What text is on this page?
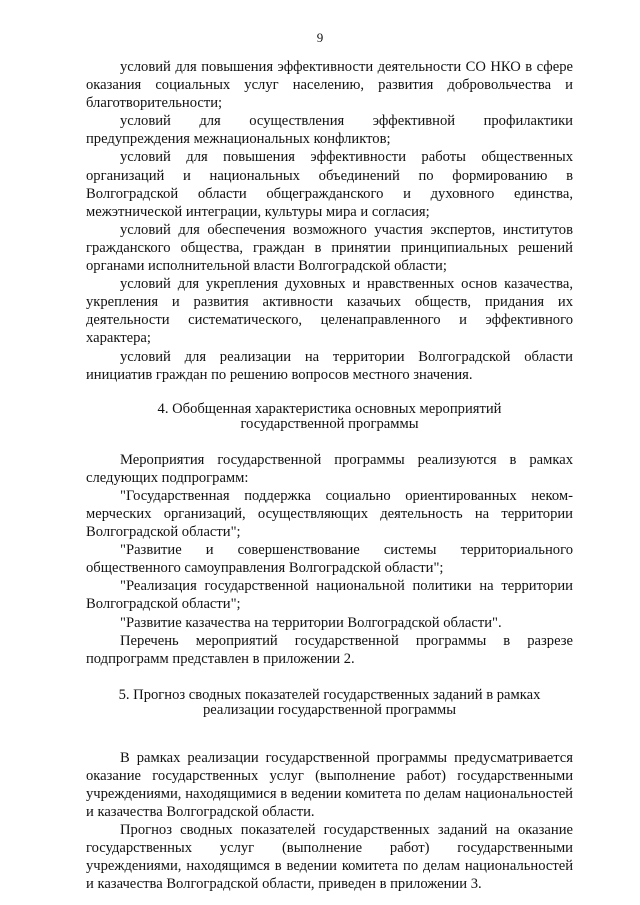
9

условий для повышения эффективности деятельности СО НКО в сфере оказания социальных услуг населению, развития добровольчества и благотворительности;

условий для осуществления эффективной профилактики предупреждения межнациональных конфликтов;

условий для повышения эффективности работы общественных организаций и национальных объединений по формированию в Волгоградской области общегражданского и духовного единства, межэтнической интеграции, культуры мира и согласия;

условий для обеспечения возможного участия экспертов, институтов гражданского общества, граждан в принятии принципиальных решений органами исполнительной власти Волгоградской области;

условий для укрепления духовных и нравственных основ казачества, укрепления и развития активности казачьих обществ, придания их деятельности систематического, целенаправленного и эффективного характера;

условий для реализации на территории Волгоградской области инициатив граждан по решению вопросов местного значения.

4. Обобщенная характеристика основных мероприятий
государственной программы

Мероприятия государственной программы реализуются в рамках следующих подпрограмм:

"Государственная поддержка социально ориентированных неком-мерческих организаций, осуществляющих деятельность на территории Волгоградской области";

"Развитие и совершенствование системы территориального общественного самоуправления Волгоградской области";

"Реализация государственной национальной политики на территории Волгоградской области";

"Развитие казачества на территории Волгоградской области".

Перечень мероприятий государственной программы в разрезе подпрограмм представлен в приложении 2.

5. Прогноз сводных показателей государственных заданий в рамках
реализации государственной программы

В рамках реализации государственной программы предусматривается оказание государственных услуг (выполнение работ) государственными учреждениями, находящимися в ведении комитета по делам национальностей и казачества Волгоградской области.

Прогноз сводных показателей государственных заданий на оказание государственных услуг (выполнение работ) государственными учреждениями, находящимся в ведении комитета по делам национальностей и казачества Волгоградской области, приведен в приложении 3.
